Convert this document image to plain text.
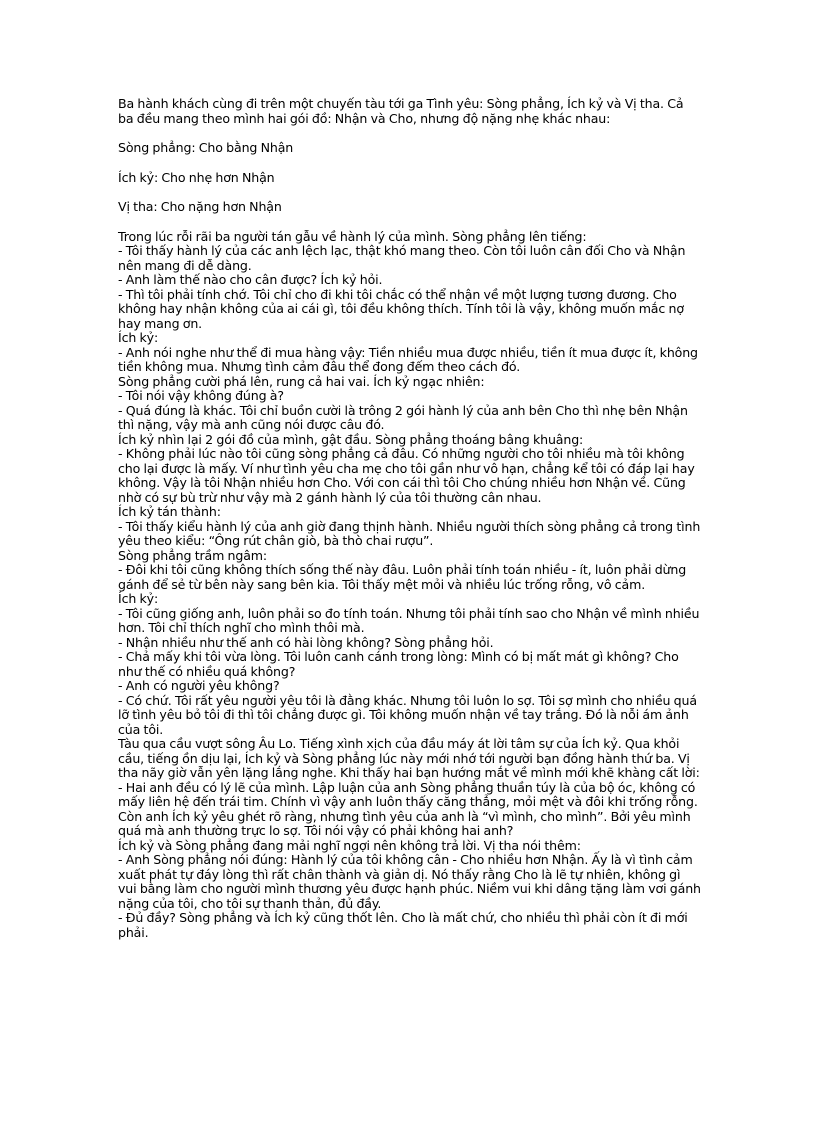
Ba hành khách cùng đi trên một chuyến tàu tới ga Tình yêu: Sòng phẳng, Ích kỷ và Vị tha. Cả ba đều mang theo mình hai gói đồ: Nhận và Cho, nhưng độ nặng nhẹ khác nhau:

Sòng phẳng: Cho bằng Nhận

Ích kỷ: Cho nhẹ hơn Nhận

Vị tha: Cho nặng hơn Nhận

Trong lúc rỗi rãi ba người tán gẫu về hành lý của mình. Sòng phẳng lên tiếng:

- Tôi thấy hành lý của các anh lệch lạc, thật khó mang theo. Còn tôi luôn cân đối Cho và Nhận nên mang đi dễ dàng.

- Anh làm thế nào cho cân được? Ích kỷ hỏi.

- Thì tôi phải tính chớ. Tôi chỉ cho đi khi tôi chắc có thể nhận về một lượng tương đương. Cho không hay nhận không của ai cái gì, tôi đều không thích. Tính tôi là vậy, không muốn mắc nợ hay mang ơn.

Ích kỷ:

- Anh nói nghe như thể đi mua hàng vậy: Tiền nhiều mua được nhiều, tiền ít mua được ít, không tiền không mua. Nhưng tình cảm đâu thể đong đếm theo cách đó.

Sòng phẳng cười phá lên, rung cả hai vai. Ích kỷ ngạc nhiên:

- Tôi nói vậy không đúng à?

- Quá đúng là khác. Tôi chỉ buồn cười là trông 2 gói hành lý của anh bên Cho thì nhẹ bên Nhận thì nặng, vậy mà anh cũng nói được câu đó.

Ích kỷ nhìn lại 2 gói đồ của mình, gật đầu. Sòng phẳng thoáng bâng khuâng:

- Không phải lúc nào tôi cũng sòng phẳng cả đâu. Có những người cho tôi nhiều mà tôi không cho lại được là mấy. Ví như tình yêu cha mẹ cho tôi gần như vô hạn, chẳng kể tôi có đáp lại hay không. Vậy là tôi Nhận nhiều hơn Cho. Với con cái thì tôi Cho chúng nhiều hơn Nhận về. Cũng nhờ có sự bù trừ như vậy mà 2 gánh hành lý của tôi thường cân nhau.

Ích kỷ tán thành:

- Tôi thấy kiểu hành lý của anh giờ đang thịnh hành. Nhiều người thích sòng phẳng cả trong tình yêu theo kiểu: “Ông rút chân giò, bà thò chai rượu”.

Sòng phẳng trầm ngâm:

- Đôi khi tôi cũng không thích sống thế này đâu. Luôn phải tính toán nhiều - ít, luôn phải dừng gánh để sẻ từ bên này sang bên kia. Tôi thấy mệt mỏi và nhiều lúc trống rỗng, vô cảm.

Ích kỷ:

- Tôi cũng giống anh, luôn phải so đo tính toán. Nhưng tôi phải tính sao cho Nhận về mình nhiều hơn. Tôi chỉ thích nghĩ cho mình thôi mà.

- Nhận nhiều như thế anh có hài lòng không? Sòng phẳng hỏi.

- Chả mấy khi tôi vừa lòng. Tôi luôn canh cánh trong lòng: Mình có bị mất mát gì không? Cho như thế có nhiều quá không?

- Anh có người yêu không?

- Có chứ. Tôi rất yêu người yêu tôi là đằng khác. Nhưng tôi luôn lo sợ. Tôi sợ mình cho nhiều quá lỡ tình yêu bỏ tôi đi thì tôi chẳng được gì. Tôi không muốn nhận về tay trắng. Đó là nỗi ám ảnh của tôi.

Tàu qua cầu vượt sông Âu Lo. Tiếng xình xịch của đầu máy át lời tâm sự của Ích kỷ. Qua khỏi cầu, tiếng ồn dịu lại, Ích kỷ và Sòng phẳng lúc này mới nhớ tới người bạn đồng hành thứ ba. Vị tha nãy giờ vẫn yên lặng lắng nghe. Khi thấy hai bạn hướng mắt về mình mới khẽ khàng cất lời:

- Hai anh đều có lý lẽ của mình. Lập luận của anh Sòng phẳng thuần túy là của bộ óc, không có mấy liên hệ đến trái tim. Chính vì vậy anh luôn thấy căng thẳng, mỏi mệt và đôi khi trống rỗng. Còn anh Ích kỷ yêu ghét rõ ràng, nhưng tình yêu của anh là “vì mình, cho mình”. Bởi yêu mình quá mà anh thường trực lo sợ. Tôi nói vậy có phải không hai anh?

Ích kỷ và Sòng phẳng đang mải nghĩ ngợi nên không trả lời. Vị tha nói thêm:

- Anh Sòng phẳng nói đúng: Hành lý của tôi không cân - Cho nhiều hơn Nhận. Ấy là vì tình cảm xuất phát tự đáy lòng thì rất chân thành và giản dị. Nó thấy rằng Cho là lẽ tự nhiên, không gì vui bằng làm cho người mình thương yêu được hạnh phúc. Niềm vui khi dâng tặng làm vơi gánh nặng của tôi, cho tôi sự thanh thản, đủ đầy.

- Đủ đầy? Sòng phẳng và Ích kỷ cũng thốt lên. Cho là mất chứ, cho nhiều thì phải còn ít đi mới phải.
